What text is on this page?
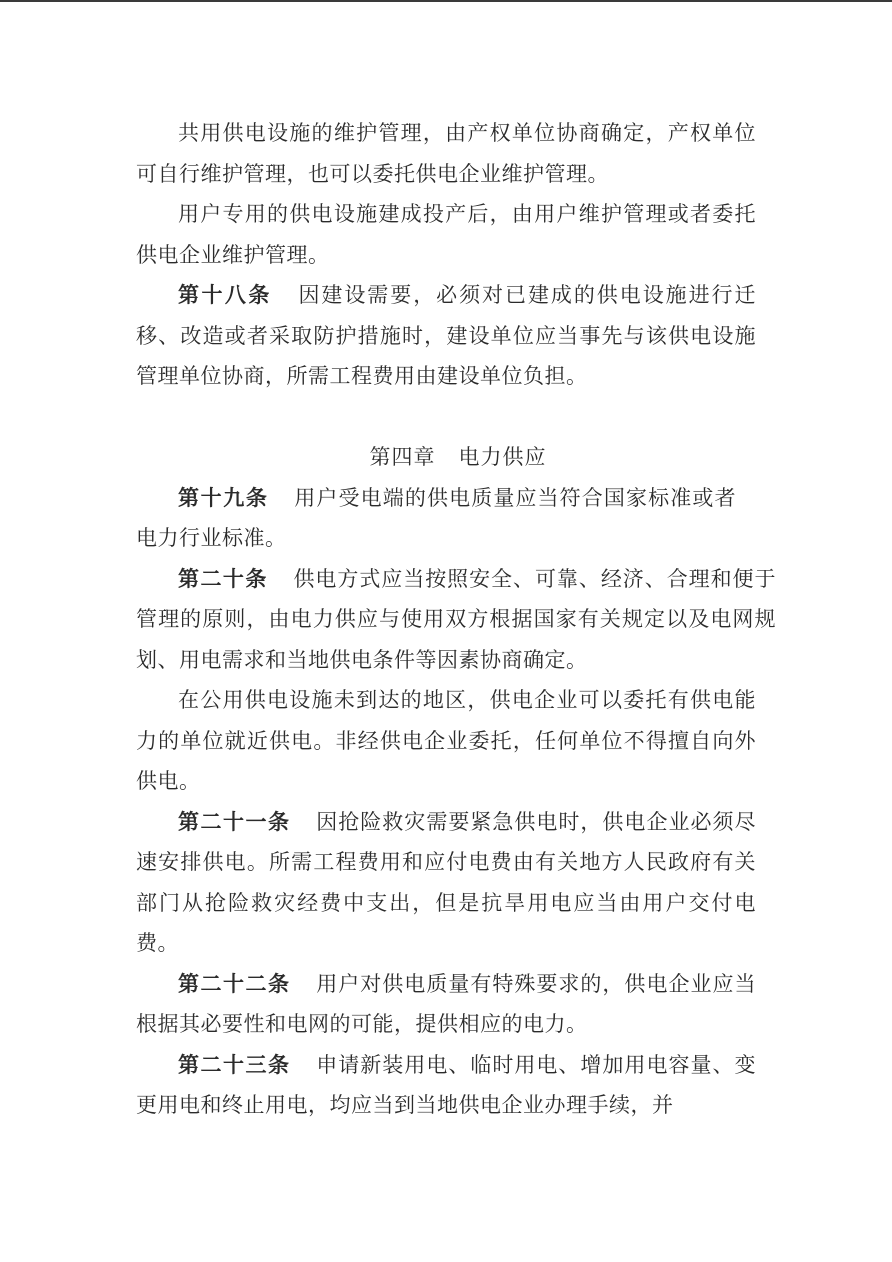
共用供电设施的维护管理，由产权单位协商确定，产权单位可自行维护管理，也可以委托供电企业维护管理。

用户专用的供电设施建成投产后，由用户维护管理或者委托供电企业维护管理。

第十八条 因建设需要，必须对已建成的供电设施进行迁移、改造或者采取防护措施时，建设单位应当事先与该供电设施管理单位协商，所需工程费用由建设单位负担。

第四章 电力供应

第十九条 用户受电端的供电质量应当符合国家标准或者电力行业标准。

第二十条 供电方式应当按照安全、可靠、经济、合理和便于管理的原则，由电力供应与使用双方根据国家有关规定以及电网规划、用电需求和当地供电条件等因素协商确定。

在公用供电设施未到达的地区，供电企业可以委托有供电能力的单位就近供电。非经供电企业委托，任何单位不得擅自向外供电。

第二十一条 因抢险救灾需要紧急供电时，供电企业必须尽速安排供电。所需工程费用和应付电费由有关地方人民政府有关部门从抢险救灾经费中支出，但是抗旱用电应当由用户交付电费。

第二十二条 用户对供电质量有特殊要求的，供电企业应当根据其必要性和电网的可能，提供相应的电力。

第二十三条 申请新装用电、临时用电、增加用电容量、变更用电和终止用电，均应当到当地供电企业办理手续，并
